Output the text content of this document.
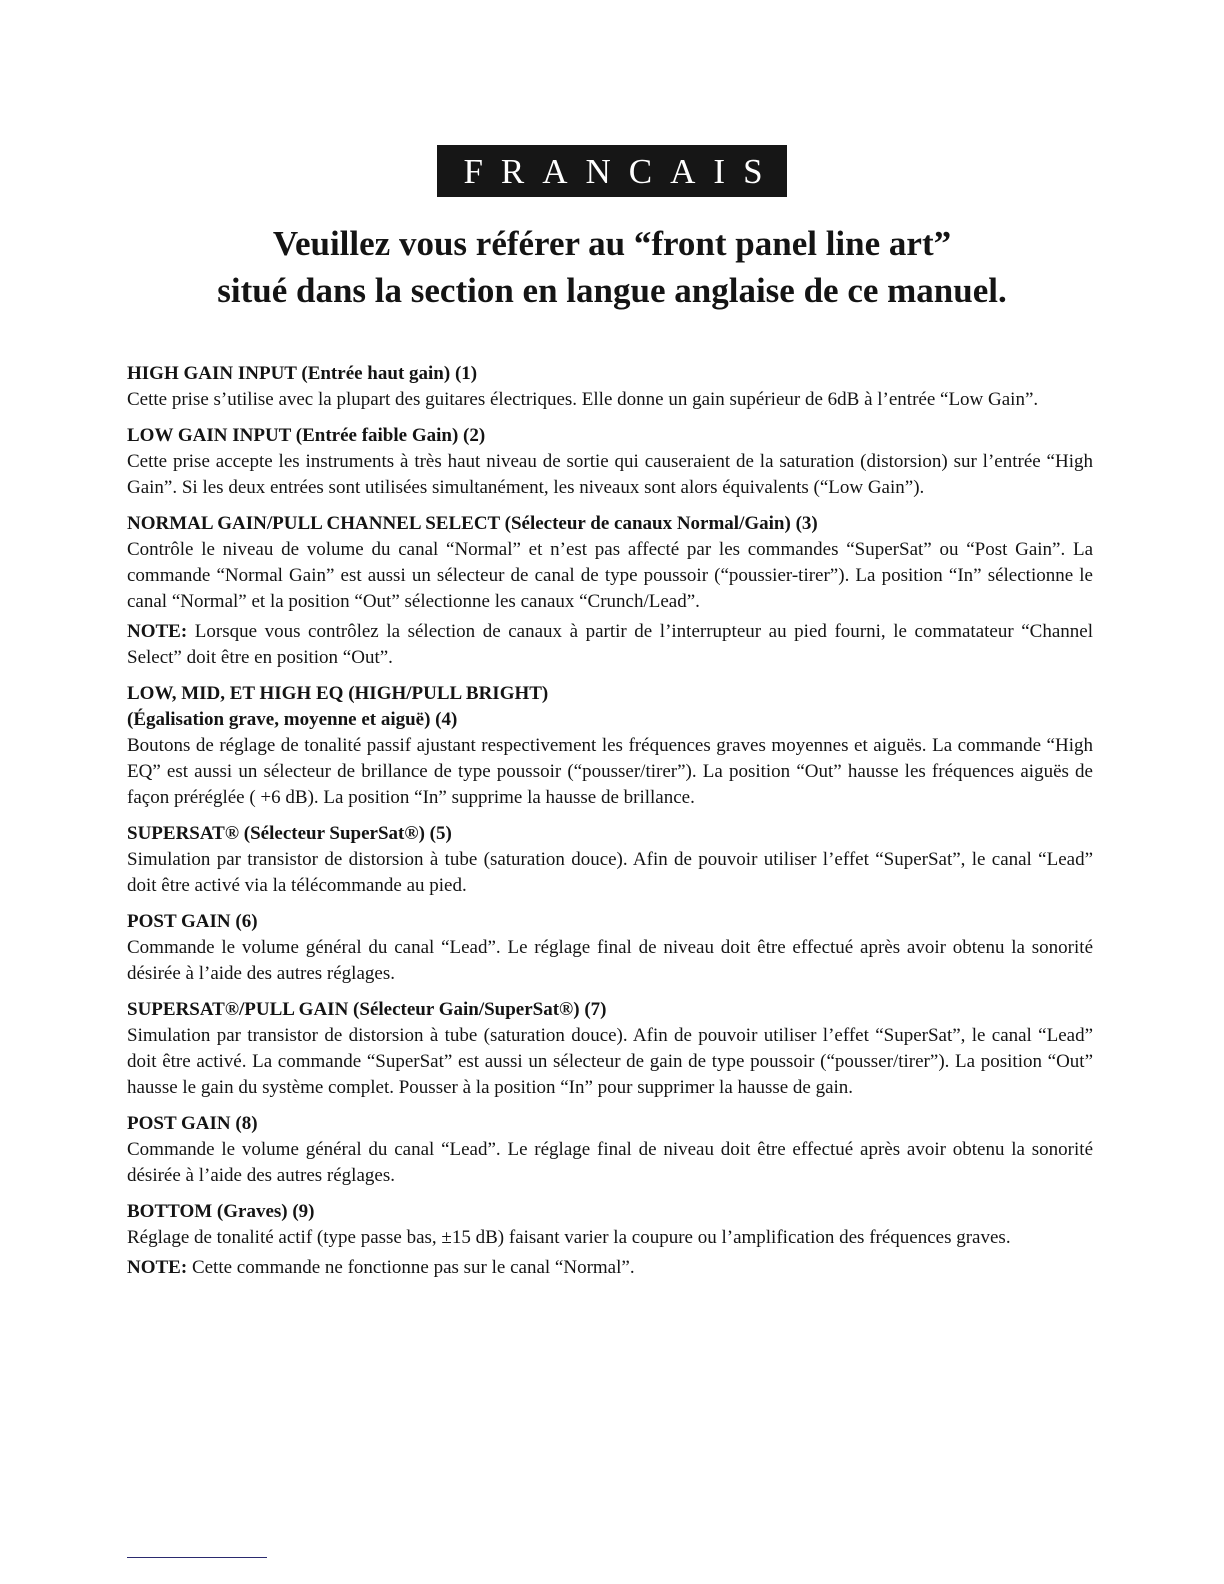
FRANCAIS
Veuillez vous référer au “front panel line art”
situé dans la section en langue anglaise de ce manuel.
HIGH GAIN INPUT (Entrée haut gain) (1)
Cette prise s’utilise avec la plupart des guitares électriques. Elle donne un gain supérieur de 6dB à l’entrée “Low Gain”.
LOW GAIN INPUT (Entrée faible Gain) (2)
Cette prise accepte les instruments à très haut niveau de sortie qui causeraient de la saturation (distorsion) sur l’entrée “High Gain”. Si les deux entrées sont utilisées simultanément, les niveaux sont alors équivalents (“Low Gain”).
NORMAL GAIN/PULL CHANNEL SELECT (Sélecteur de canaux Normal/Gain) (3)
Contrôle le niveau de volume du canal “Normal” et n’est pas affecté par les commandes “SuperSat” ou “Post Gain”. La commande “Normal Gain” est aussi un sélecteur de canal de type poussoir (“poussier-tirer”). La position “In” sélectionne le canal “Normal” et la position “Out” sélectionne les canaux “Crunch/Lead”.
NOTE: Lorsque vous contrôlez la sélection de canaux à partir de l’interrupteur au pied fourni, le commatateur “Channel Select” doit être en position “Out”.
LOW, MID, ET HIGH EQ (HIGH/PULL BRIGHT)
(Égalisation grave, moyenne et aiguë) (4)
Boutons de réglage de tonalité passif ajustant respectivement les fréquences graves moyennes et aiguës. La commande “High EQ” est aussi un sélecteur de brillance de type poussoir (“pousser/tirer”). La position “Out” hausse les fréquences aiguës de façon préréglée ( +6 dB). La position “In” supprime la hausse de brillance.
SUPERSAT® (Sélecteur SuperSat®) (5)
Simulation par transistor de distorsion à tube (saturation douce). Afin de pouvoir utiliser l’effet “SuperSat”, le canal “Lead” doit être activé via la télécommande au pied.
POST GAIN (6)
Commande le volume général du canal “Lead”. Le réglage final de niveau doit être effectué après avoir obtenu la sonorité désirée à l’aide des autres réglages.
SUPERSAT®/PULL GAIN (Sélecteur Gain/SuperSat®) (7)
Simulation par transistor de distorsion à tube (saturation douce). Afin de pouvoir utiliser l’effet “SuperSat”, le canal “Lead” doit être activé. La commande “SuperSat” est aussi un sélecteur de gain de type poussoir (“pousser/tirer”). La position “Out” hausse le gain du système complet. Pousser à la position “In” pour supprimer la hausse de gain.
POST GAIN (8)
Commande le volume général du canal “Lead”. Le réglage final de niveau doit être effectué après avoir obtenu la sonorité désirée à l’aide des autres réglages.
BOTTOM (Graves) (9)
Réglage de tonalité actif (type passe bas, ±15 dB) faisant varier la coupure ou l’amplification des fréquences graves.
NOTE: Cette commande ne fonctionne pas sur le canal “Normal”.
